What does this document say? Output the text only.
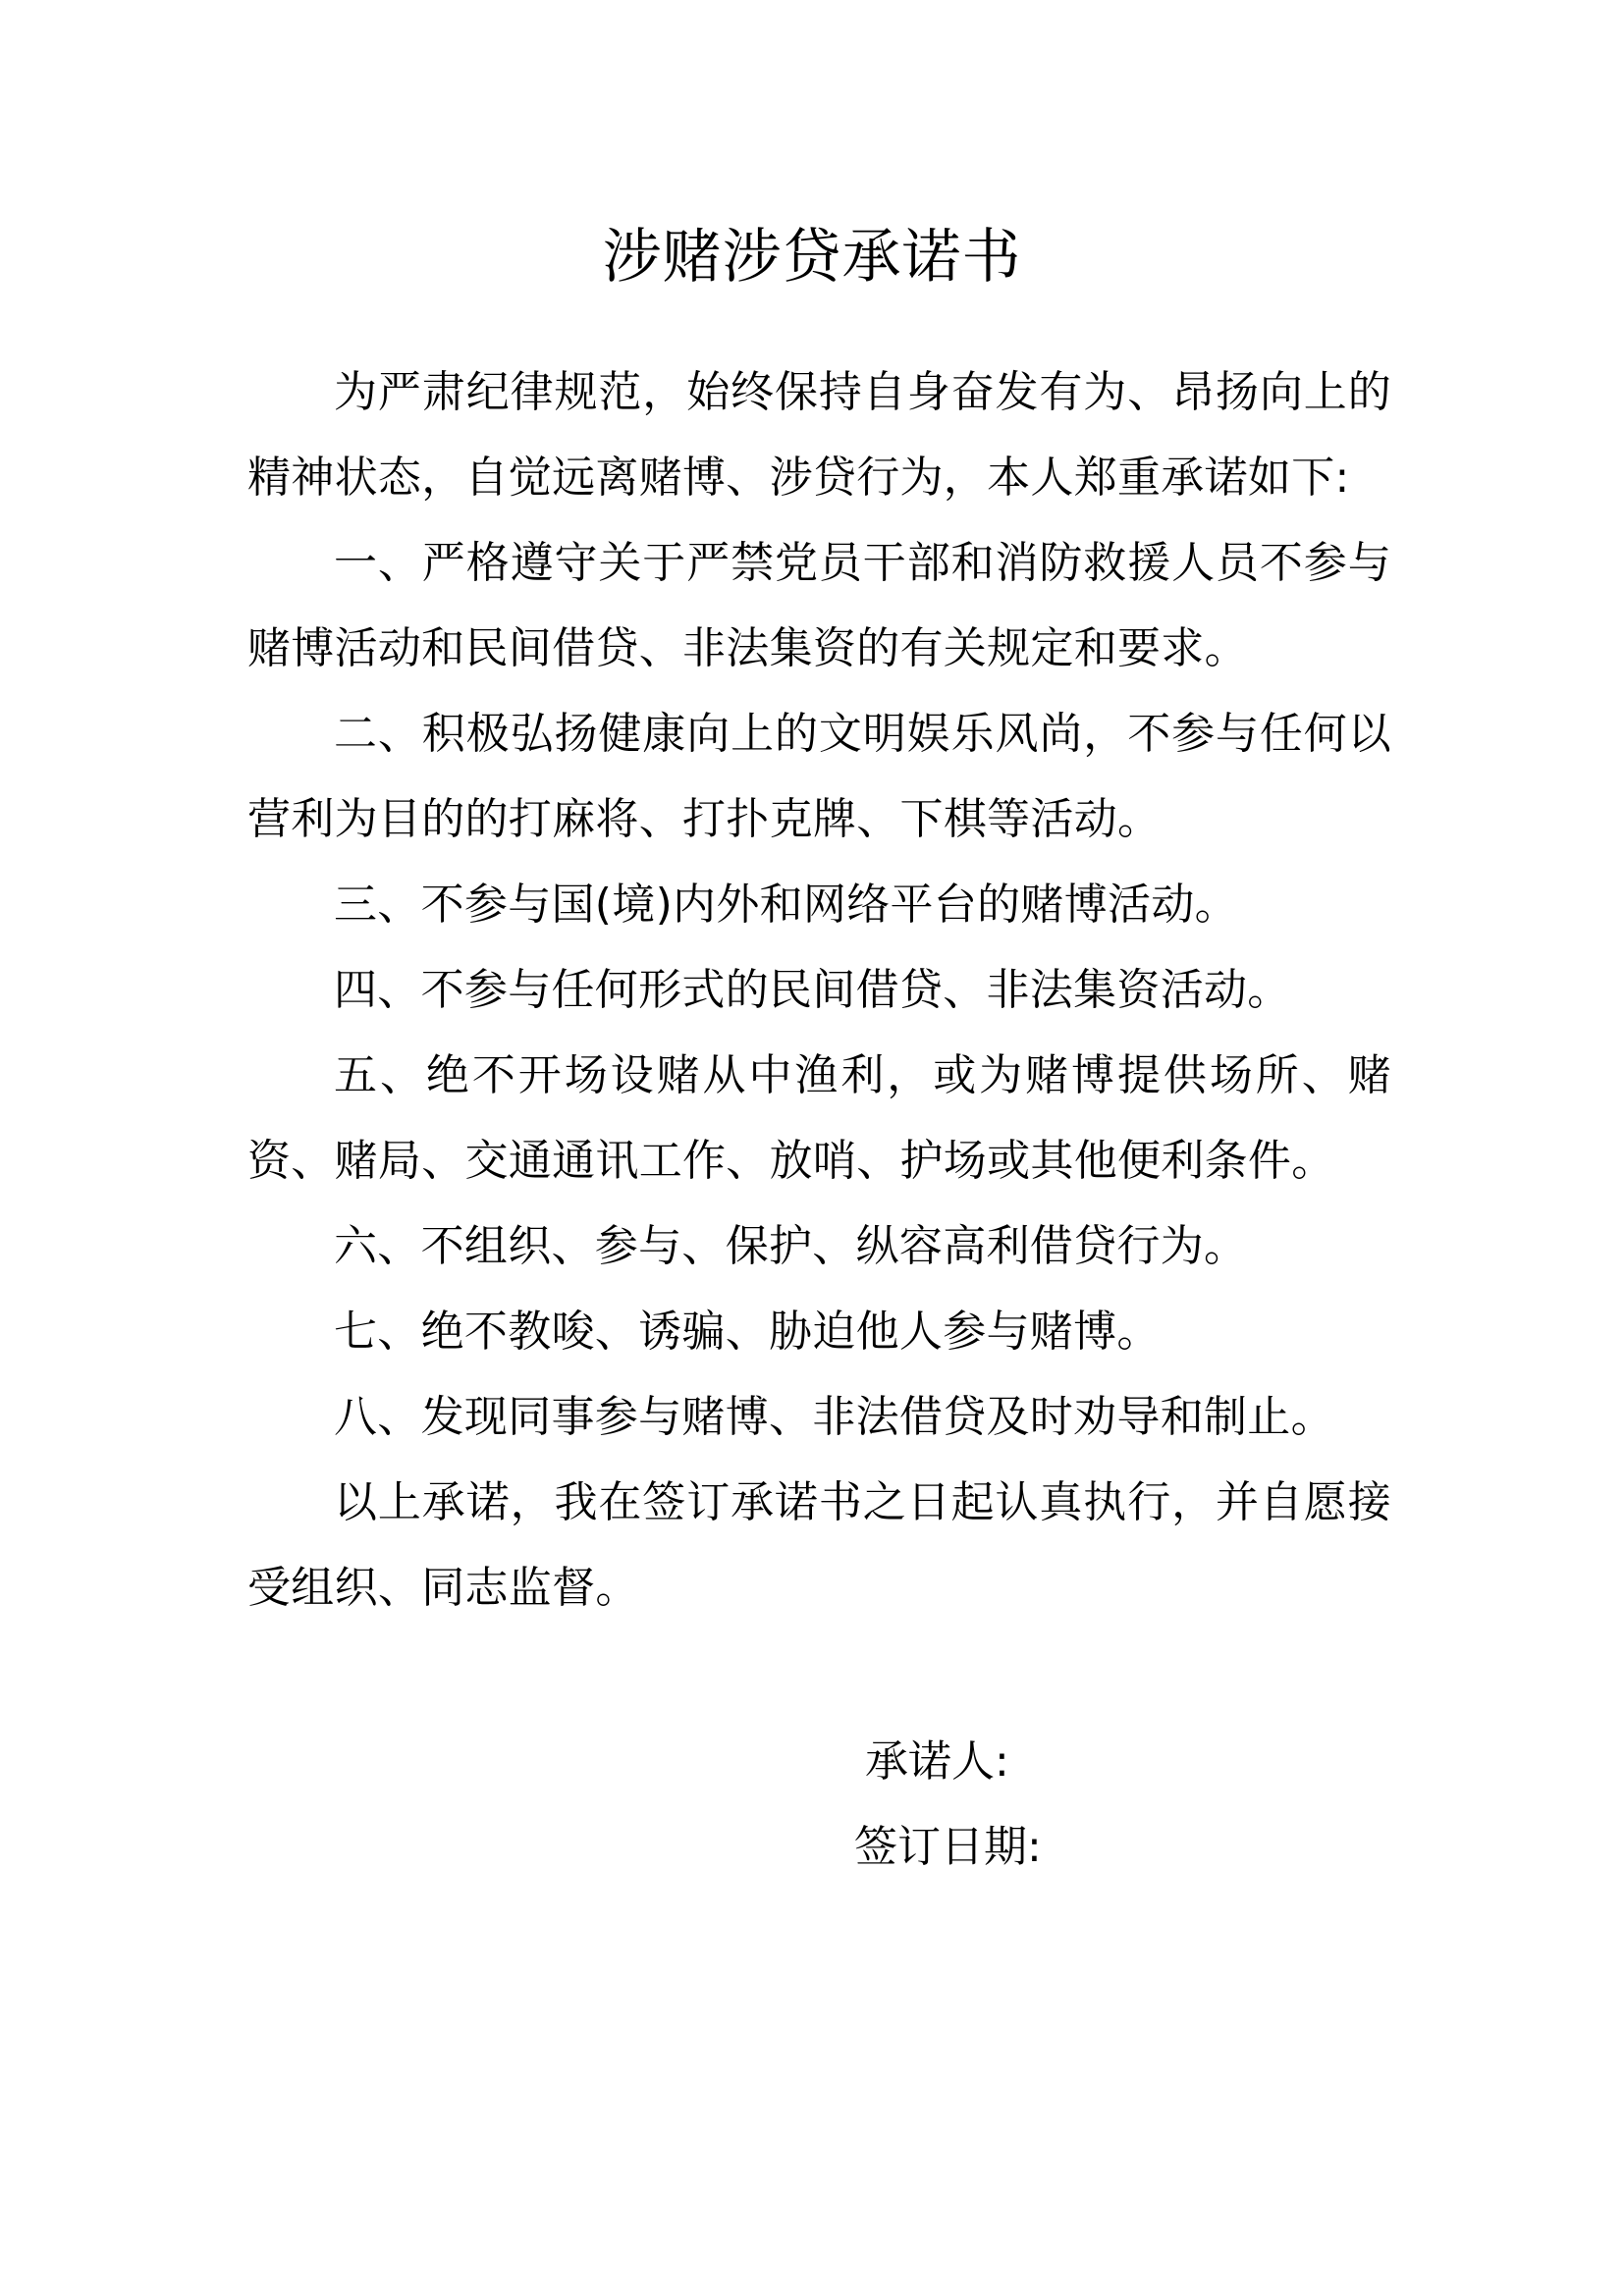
涉赌涉贷承诺书

为严肃纪律规范，始终保持自身奋发有为、昂扬向上的精神状态，自觉远离赌博、涉贷行为，本人郑重承诺如下:

一、严格遵守关于严禁党员干部和消防救援人员不参与赌博活动和民间借贷、非法集资的有关规定和要求。

二、积极弘扬健康向上的文明娱乐风尚，不参与任何以营利为目的的打麻将、打扑克牌、下棋等活动。

三、不参与国(境)内外和网络平台的赌博活动。

四、不参与任何形式的民间借贷、非法集资活动。

五、绝不开场设赌从中渔利，或为赌博提供场所、赌资、赌局、交通通讯工作、放哨、护场或其他便利条件。

六、不组织、参与、保护、纵容高利借贷行为。

七、绝不教唆、诱骗、胁迫他人参与赌博。

八、发现同事参与赌博、非法借贷及时劝导和制止。

以上承诺，我在签订承诺书之日起认真执行，并自愿接受组织、同志监督。

承诺人:

签订日期:
